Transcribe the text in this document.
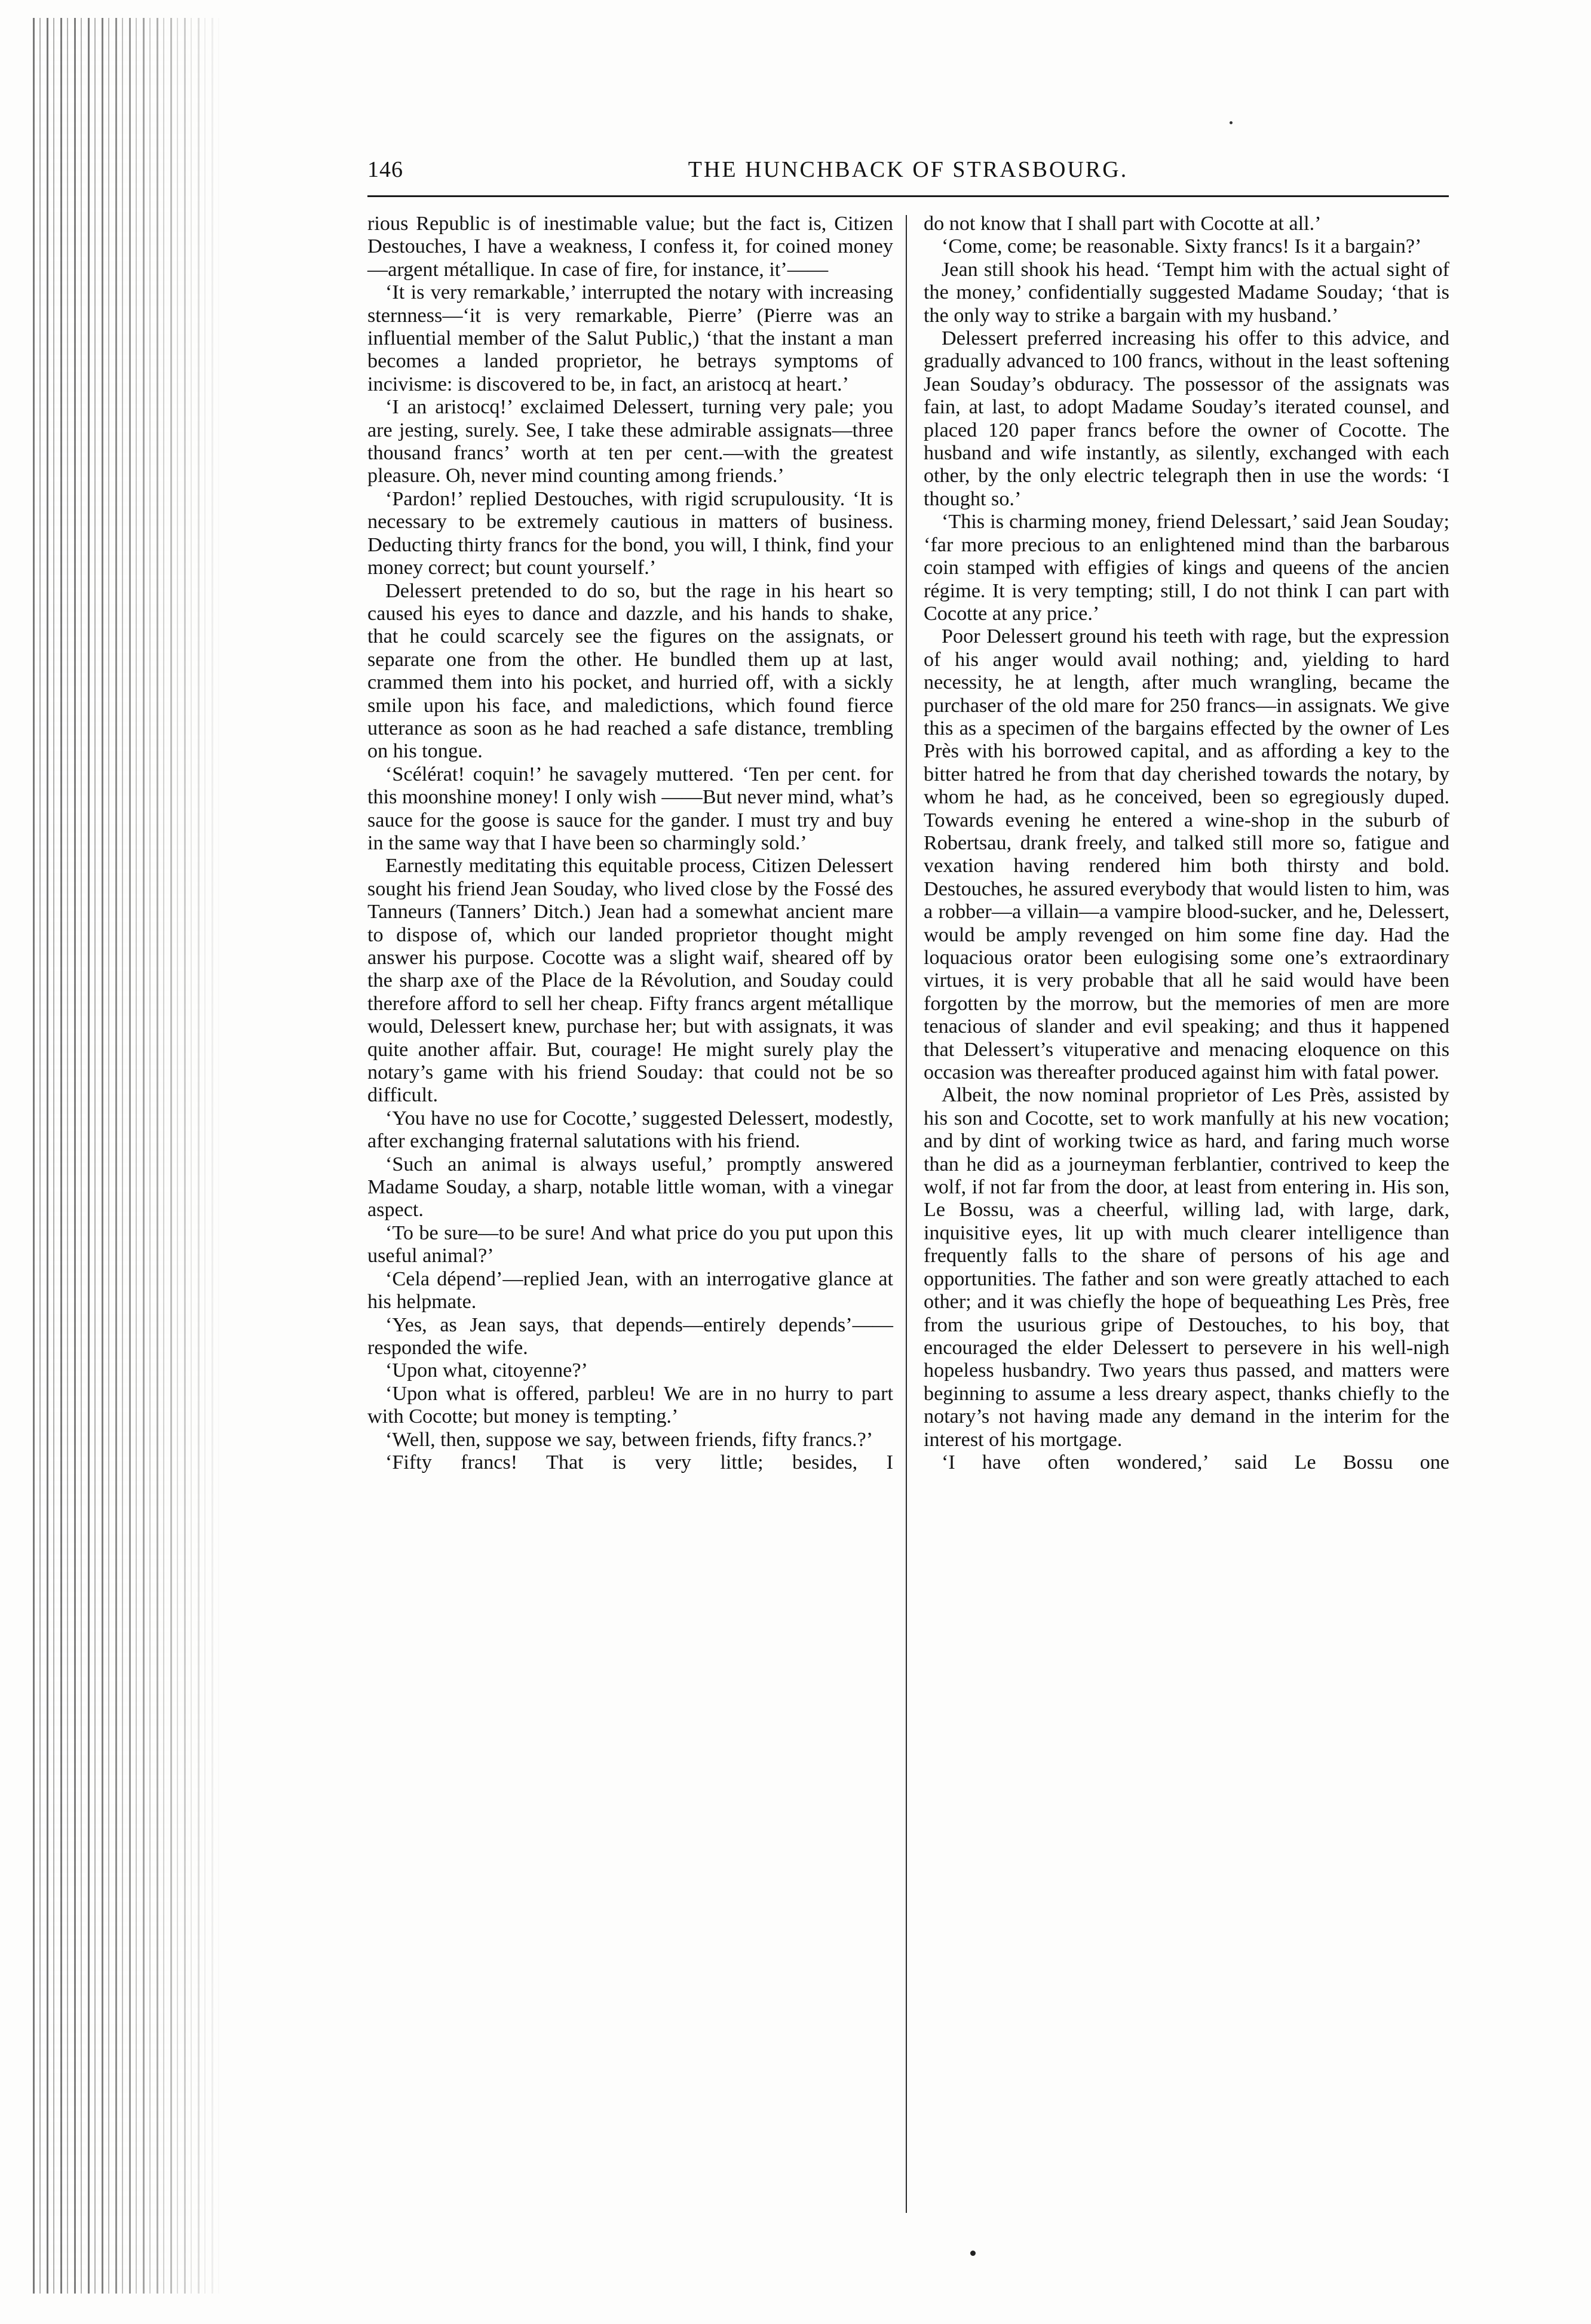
146	THE HUNCHBACK OF STRASBOURG.

rious Republic is of inestimable value; but the fact is, Citizen Destouches, I have a weakness, I confess it, for coined money—argent métallique. In case of fire, for instance, it’——

‘It is very remarkable,’ interrupted the notary with increasing sternness—‘it is very remarkable, Pierre’ (Pierre was an influential member of the Salut Public,) ‘that the instant a man becomes a landed proprietor, he betrays symptoms of incivisme: is discovered to be, in fact, an aristocq at heart.’

‘I an aristocq!’ exclaimed Delessert, turning very pale; you are jesting, surely. See, I take these admirable assignats—three thousand francs’ worth at ten per cent.—with the greatest pleasure. Oh, never mind counting among friends.’

‘Pardon!’ replied Destouches, with rigid scrupulousity. ‘It is necessary to be extremely cautious in matters of business. Deducting thirty francs for the bond, you will, I think, find your money correct; but count yourself.’

Delessert pretended to do so, but the rage in his heart so caused his eyes to dance and dazzle, and his hands to shake, that he could scarcely see the figures on the assignats, or separate one from the other. He bundled them up at last, crammed them into his pocket, and hurried off, with a sickly smile upon his face, and maledictions, which found fierce utterance as soon as he had reached a safe distance, trembling on his tongue.

‘Scélérat! coquin!’ he savagely muttered. ‘Ten per cent. for this moonshine money! I only wish ——But never mind, what’s sauce for the goose is sauce for the gander. I must try and buy in the same way that I have been so charmingly sold.’

Earnestly meditating this equitable process, Citizen Delessert sought his friend Jean Souday, who lived close by the Fossé des Tanneurs (Tanners’ Ditch.) Jean had a somewhat ancient mare to dispose of, which our landed proprietor thought might answer his purpose. Cocotte was a slight waif, sheared off by the sharp axe of the Place de la Révolution, and Souday could therefore afford to sell her cheap. Fifty francs argent métallique would, Delessert knew, purchase her; but with assignats, it was quite another affair. But, courage! He might surely play the notary’s game with his friend Souday: that could not be so difficult.

‘You have no use for Cocotte,’ suggested Delessert, modestly, after exchanging fraternal salutations with his friend.

‘Such an animal is always useful,’ promptly answered Madame Souday, a sharp, notable little woman, with a vinegar aspect.

‘To be sure—to be sure! And what price do you put upon this useful animal?’

‘Cela dépend’—replied Jean, with an interrogative glance at his helpmate.

‘Yes, as Jean says, that depends—entirely depends’——responded the wife.

‘Upon what, citoyenne?’

‘Upon what is offered, parbleu! We are in no hurry to part with Cocotte; but money is tempting.’

‘Well, then, suppose we say, between friends, fifty francs.?’

‘Fifty francs! That is very little; besides, I

do not know that I shall part with Cocotte at all.’

‘Come, come; be reasonable. Sixty francs! Is it a bargain?’

Jean still shook his head. ‘Tempt him with the actual sight of the money,’ confidentially suggested Madame Souday; ‘that is the only way to strike a bargain with my husband.’

Delessert preferred increasing his offer to this advice, and gradually advanced to 100 francs, without in the least softening Jean Souday’s obduracy. The possessor of the assignats was fain, at last, to adopt Madame Souday’s iterated counsel, and placed 120 paper francs before the owner of Cocotte. The husband and wife instantly, as silently, exchanged with each other, by the only electric telegraph then in use the words: ‘I thought so.’

‘This is charming money, friend Delessart,’ said Jean Souday; ‘far more precious to an enlightened mind than the barbarous coin stamped with effigies of kings and queens of the ancien régime. It is very tempting; still, I do not think I can part with Cocotte at any price.’

Poor Delessert ground his teeth with rage, but the expression of his anger would avail nothing; and, yielding to hard necessity, he at length, after much wrangling, became the purchaser of the old mare for 250 francs—in assignats. We give this as a specimen of the bargains effected by the owner of Les Près with his borrowed capital, and as affording a key to the bitter hatred he from that day cherished towards the notary, by whom he had, as he conceived, been so egregiously duped. Towards evening he entered a wine-shop in the suburb of Robertsau, drank freely, and talked still more so, fatigue and vexation having rendered him both thirsty and bold. Destouches, he assured everybody that would listen to him, was a robber—a villain—a vampire blood-sucker, and he, Delessert, would be amply revenged on him some fine day. Had the loquacious orator been eulogising some one’s extraordinary virtues, it is very probable that all he said would have been forgotten by the morrow, but the memories of men are more tenacious of slander and evil speaking; and thus it happened that Delessert’s vituperative and menacing eloquence on this occasion was thereafter produced against him with fatal power.

Albeit, the now nominal proprietor of Les Près, assisted by his son and Cocotte, set to work manfully at his new vocation; and by dint of working twice as hard, and faring much worse than he did as a journeyman ferblantier, contrived to keep the wolf, if not far from the door, at least from entering in. His son, Le Bossu, was a cheerful, willing lad, with large, dark, inquisitive eyes, lit up with much clearer intelligence than frequently falls to the share of persons of his age and opportunities. The father and son were greatly attached to each other; and it was chiefly the hope of bequeathing Les Près, free from the usurious gripe of Destouches, to his boy, that encouraged the elder Delessert to persevere in his well-nigh hopeless husbandry. Two years thus passed, and matters were beginning to assume a less dreary aspect, thanks chiefly to the notary’s not having made any demand in the interim for the interest of his mortgage.

‘I have often wondered,’ said Le Bossu one
